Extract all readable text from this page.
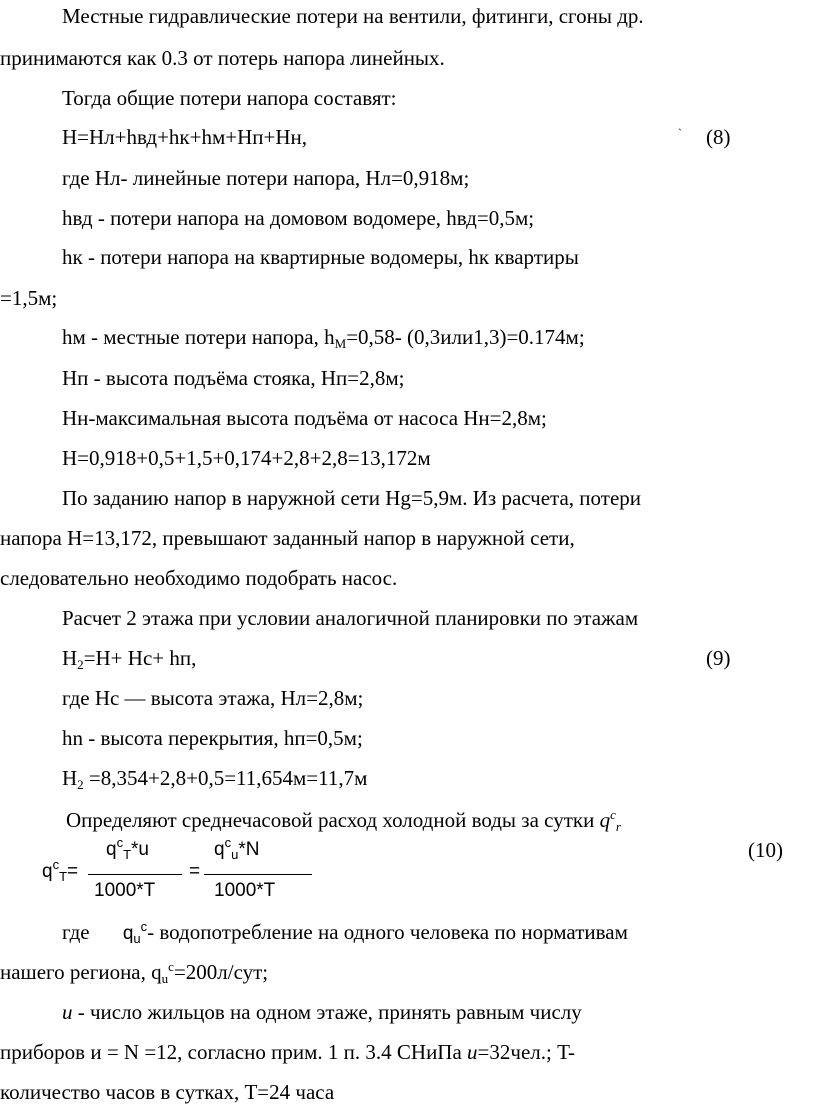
Местные гидравлические потери на вентили, фитинги, сгоны др.
принимаются как 0.3 от потерь напора линейных.
Тогда общие потери напора составят:
H=Hл+hвд+hк+hм+Hп+Hн,	` (8)
где Нл- линейные потери напора, Нл=0,918м;
hвд - потери напора на домовом водомере, hвд=0,5м;
hк - потери напора на квартирные водомеры, hк квартиры
=1,5м;
hм - местные потери напора, $h_М=0,58-$ (0,3или1,3)=0.174м;
Нп - высота подъёма стояка, Нп=2,8м;
Нн-максимальная высота подъёма от насоса Нн=2,8м;
H=0,918+0,5+1,5+0,174+2,8+2,8=13,172м
По заданию напор в наружной сети Hg=5,9м. Из расчета, потери
напора H=13,172, превышают заданный напор в наружной сети,
следовательно необходимо подобрать насос.
Расчет 2 этажа при условии аналогичной планировки по этажам
$H_2=H+ Hc+$ hп,	(9)
где Нс — высота этажа, Нл=2,8м;
hn - высота перекрытия, hп=0,5м;
$H_2 =8,354+2,8+0,5=11,654м=11,7м$
Определяют среднечасовой расход холодной воды за сутки $q^c_r$
$q^c_T=$
$q^c_T*u$
1000*T
=
$q^c_u*N$
1000*T
(10)
где $q_u^c-$ водопотребление на одного человека по нормативам
нашего региона, $q_u^c=200л$/сут;
u - число жильцов на одном этаже, принять равным числу
приборов и = N =12, согласно прим. 1 п. 3.4 СНиПа u=32чел.; T-
количество часов в сутках, T=24 часа
